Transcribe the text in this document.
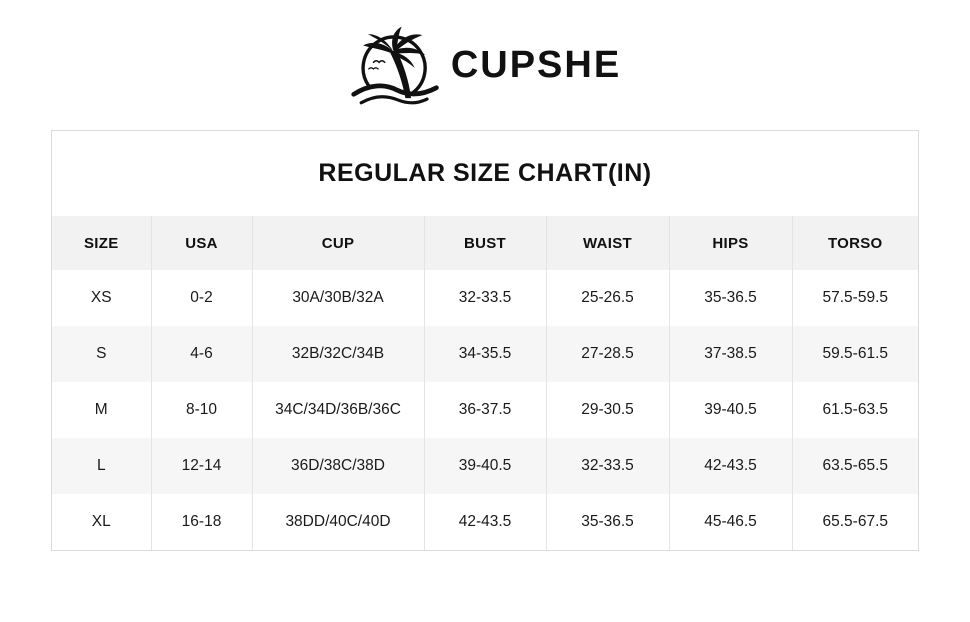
CUPSHE
REGULAR SIZE CHART(IN)
SIZE	USA	CUP	BUST	WAIST	HIPS	TORSO
XS	0-2	30A/30B/32A	32-33.5	25-26.5	35-36.5	57.5-59.5
S	4-6	32B/32C/34B	34-35.5	27-28.5	37-38.5	59.5-61.5
M	8-10	34C/34D/36B/36C	36-37.5	29-30.5	39-40.5	61.5-63.5
L	12-14	36D/38C/38D	39-40.5	32-33.5	42-43.5	63.5-65.5
XL	16-18	38DD/40C/40D	42-43.5	35-36.5	45-46.5	65.5-67.5
